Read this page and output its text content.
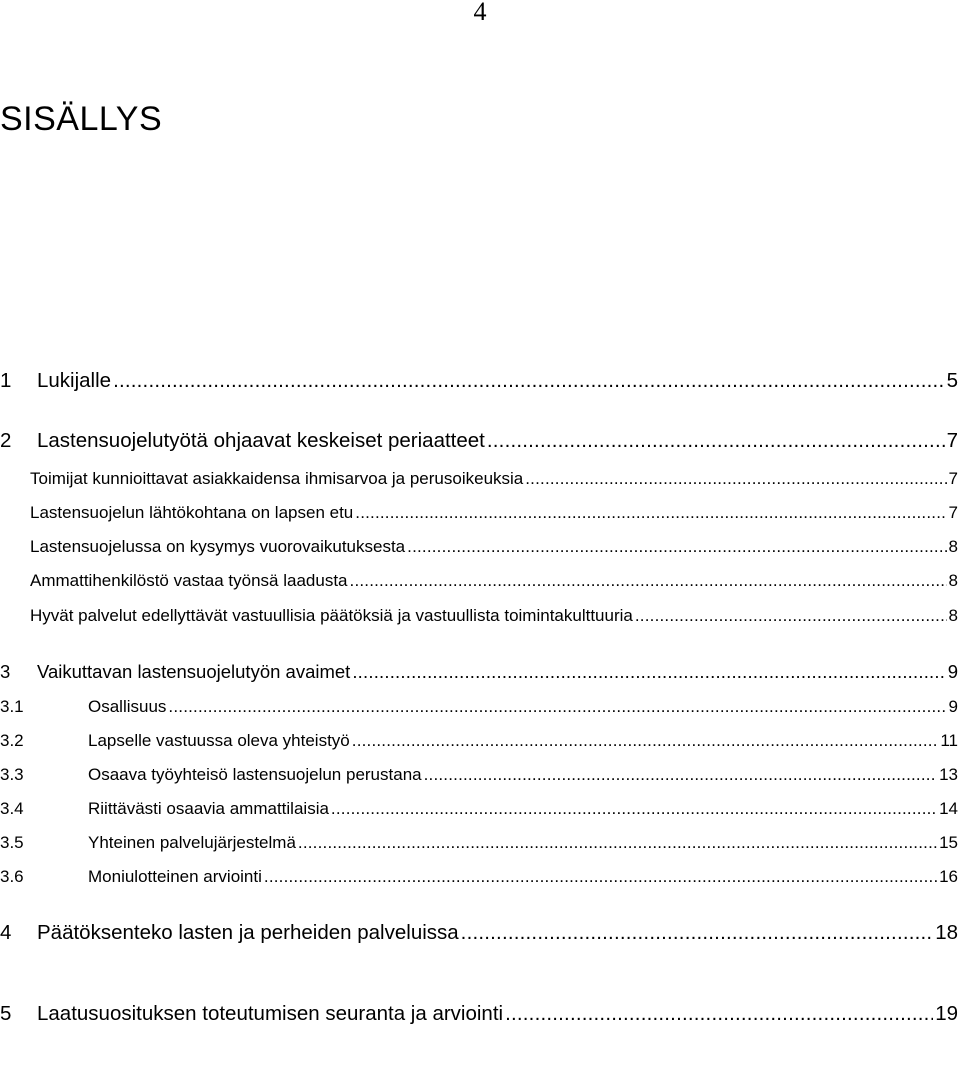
4
SISÄLLYS
1	Lukijalle .....	5
2	Lastensuojelutyötä ohjaavat keskeiset periaatteet .....	7
Toimijat kunnioittavat asiakkaidensa ihmisarvoa ja perusoikeuksia .....	7
Lastensuojelun lähtökohtana on lapsen etu .....	7
Lastensuojelussa on kysymys vuorovaikutuksesta .....	8
Ammattihenkilöstö vastaa työnsä laadusta .....	8
Hyvät palvelut edellyttävät vastuullisia päätöksiä ja vastuullista toimintakulttuuria .....	8
3	Vaikuttavan lastensuojelutyön avaimet .....	9
3.1	Osallisuus .....	9
3.2	Lapselle vastuussa oleva yhteistyö .....	11
3.3	Osaava työyhteisö lastensuojelun perustana .....	13
3.4	Riittävästi osaavia ammattilaisia .....	14
3.5	Yhteinen palvelujärjestelmä .....	15
3.6	Moniulotteinen arviointi .....	16
4	Päätöksenteko lasten ja perheiden palveluissa .....	18
5	Laatusuosituksen toteutumisen seuranta ja arviointi .....	19
